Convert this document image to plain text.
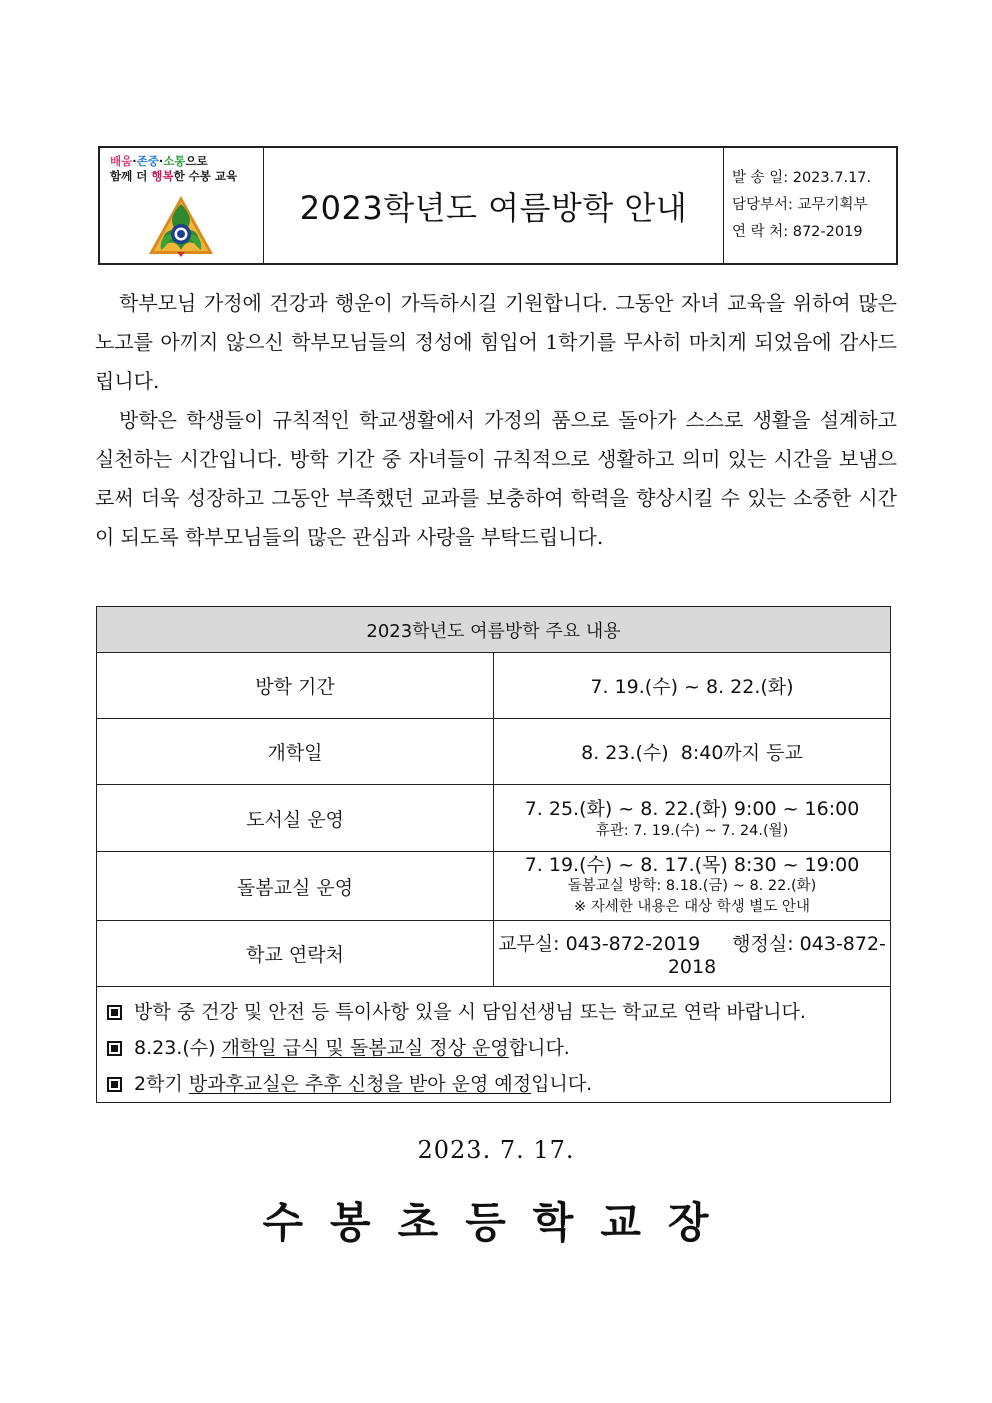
배움·존중·소통으로
함께 더 행복한 수봉 교육
2023학년도 여름방학 안내
발 송 일: 2023.7.17.
담당부서: 교무기획부
연 락 처: 872-2019

학부모님 가정에 건강과 행운이 가득하시길 기원합니다. 그동안 자녀 교육을 위하여 많은 노고를 아끼지 않으신 학부모님들의 정성에 힘입어 1학기를 무사히 마치게 되었음에 감사드립니다.

방학은 학생들이 규칙적인 학교생활에서 가정의 품으로 돌아가 스스로 생활을 설계하고 실천하는 시간입니다. 방학 기간 중 자녀들이 규칙적으로 생활하고 의미 있는 시간을 보냄으로써 더욱 성장하고 그동안 부족했던 교과를 보충하여 학력을 향상시킬 수 있는 소중한 시간이 되도록 학부모님들의 많은 관심과 사랑을 부탁드립니다.

2023학년도 여름방학 주요 내용	
방학 기간	7. 19.(수) ~ 8. 22.(화)
개학일	8. 23.(수)  8:40까지 등교
도서실 운영	7. 25.(화) ~ 8. 22.(화) 9:00 ~ 16:00
휴관: 7. 19.(수) ~ 7. 24.(월)

돌봄교실 운영	7. 19.(수) ~ 8. 17.(목) 8:30 ~ 19:00
돌봄교실 방학: 8.18.(금) ~ 8. 22.(화)
※ 자세한 내용은 대상 학생 별도 안내

학교 연락처	교무실: 043-872-2019 행정실: 043-872-2018
방학 중 건강 및 안전 등 특이사항 있을 시 담임선생님 또는 학교로 연락 바랍니다.
8.23.(수) 개학일 급식 및 돌봄교실 정상 운영합니다.
2학기 방과후교실은 추후 신청을 받아 운영 예정입니다.
2023. 7. 17.
수봉초등학교장
